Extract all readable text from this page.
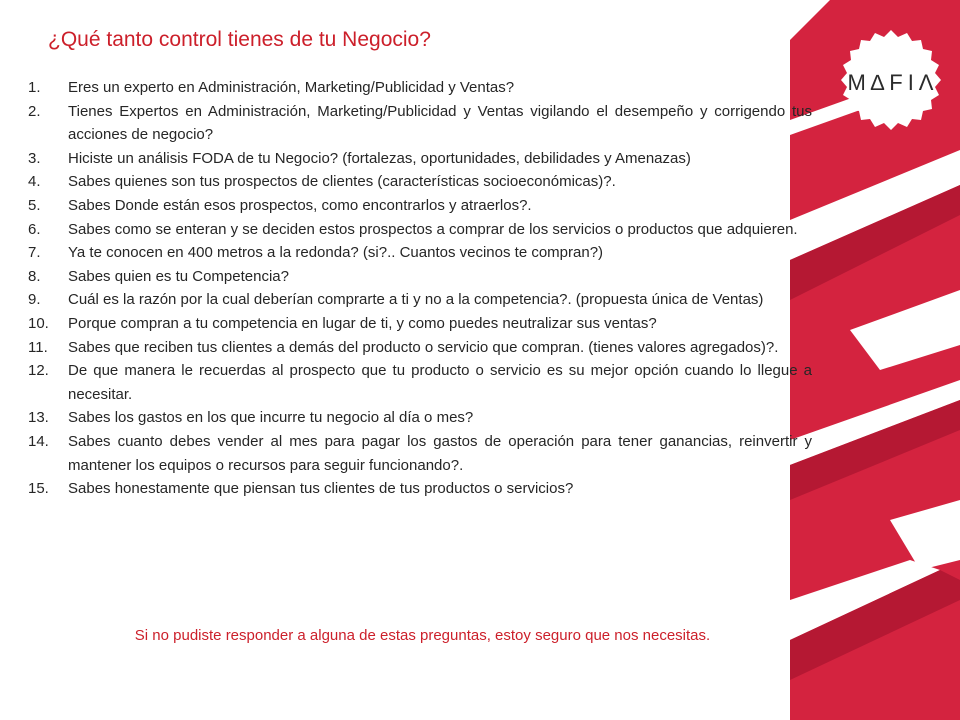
M∆FIΛ
¿Qué tanto control tienes de tu Negocio?
1.	Eres un experto en Administración, Marketing/Publicidad y Ventas?
2.	Tienes Expertos en Administración, Marketing/Publicidad y Ventas vigilando el desempeño y corrigendo tus acciones de negocio?
3.	Hiciste un análisis FODA de tu Negocio? (fortalezas, oportunidades, debilidades y Amenazas)
4.	Sabes quienes son tus prospectos de clientes (características socioeconómicas)?.
5.	Sabes Donde están esos prospectos, como encontrarlos y atraerlos?.
6.	Sabes como se enteran y se deciden estos prospectos a comprar de los servicios o productos que adquieren.
7.	Ya te conocen en 400 metros a la redonda? (si?.. Cuantos vecinos te compran?)
8.	Sabes quien es tu Competencia?
9.	Cuál es la razón por la cual deberían comprarte a ti y no a la competencia?. (propuesta única de Ventas)
10.	Porque compran a tu competencia en lugar de ti, y como puedes neutralizar sus ventas?
11.	Sabes que reciben tus clientes a demás del producto o servicio que compran. (tienes valores agregados)?.
12.	De que manera le recuerdas al prospecto que tu producto o servicio es su mejor opción cuando lo llegue a necesitar.
13.	Sabes los gastos en los que incurre tu negocio al día o mes?
14.	Sabes cuanto debes vender al mes para pagar los gastos de operación para tener ganancias, reinvertir y mantener los equipos o recursos para seguir funcionando?.
15.	Sabes honestamente que piensan tus clientes de tus productos o servicios?

Si no pudiste responder a alguna de estas preguntas, estoy seguro que nos necesitas.
